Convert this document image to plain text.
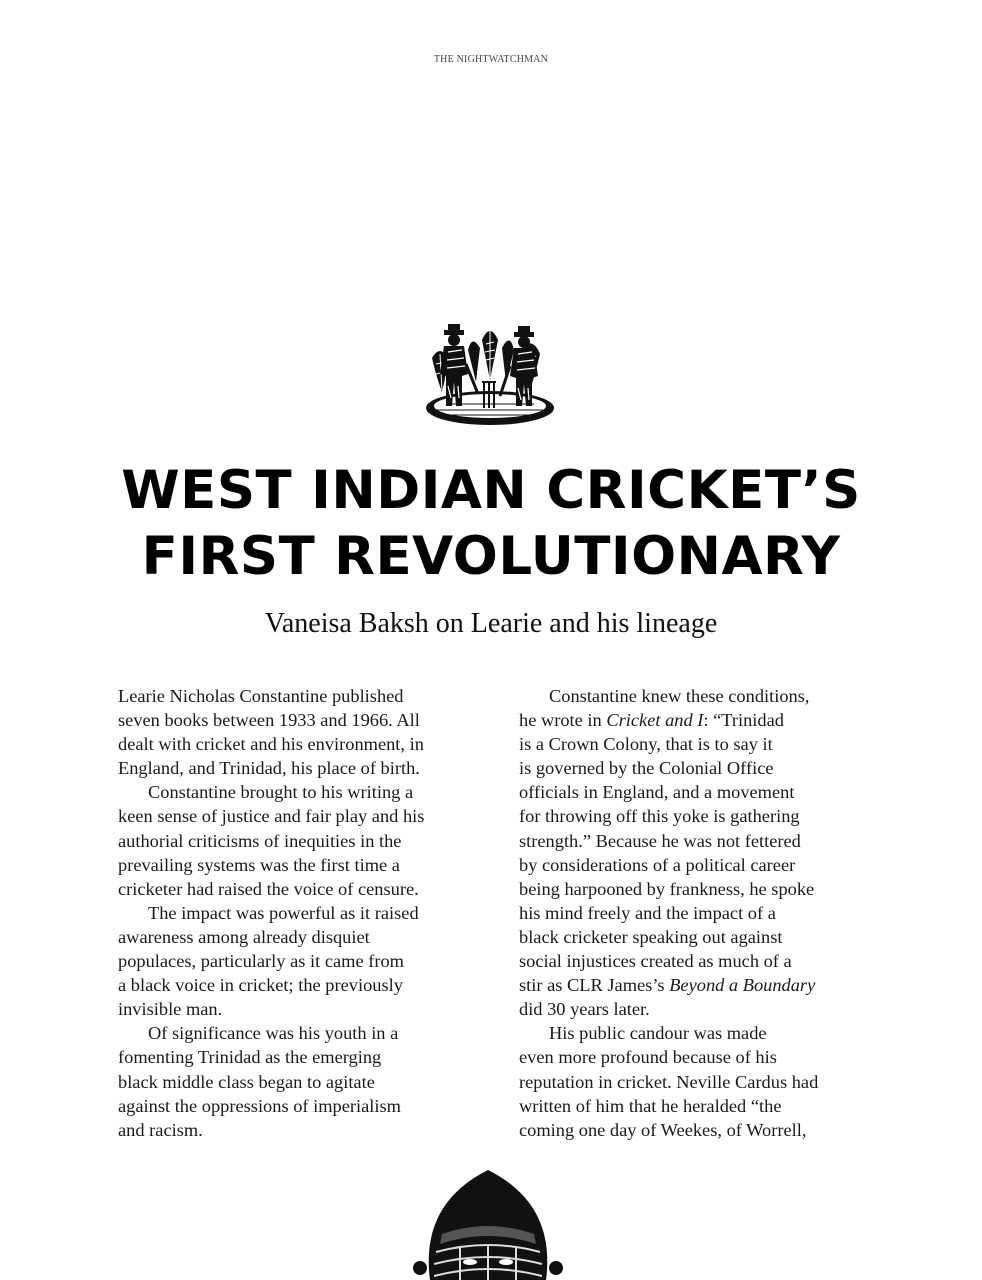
THE NIGHTWATCHMAN
WEST INDIAN CRICKET’S
FIRST REVOLUTIONARY
Vaneisa Baksh on Learie and his lineage

Learie Nicholas Constantine published
seven books between 1933 and 1966. All
dealt with cricket and his environment, in
England, and Trinidad, his place of birth.

Constantine brought to his writing a
keen sense of justice and fair play and his
authorial criticisms of inequities in the
prevailing systems was the first time a
cricketer had raised the voice of censure.

The impact was powerful as it raised
awareness among already disquiet
populaces, particularly as it came from
a black voice in cricket; the previously
invisible man.

Of significance was his youth in a
fomenting Trinidad as the emerging
black middle class began to agitate
against the oppressions of imperialism
and racism.

Constantine knew these conditions,
he wrote in Cricket and I: “Trinidad
is a Crown Colony, that is to say it
is governed by the Colonial Office
officials in England, and a movement
for throwing off this yoke is gathering
strength.” Because he was not fettered
by considerations of a political career
being harpooned by frankness, he spoke
his mind freely and the impact of a
black cricketer speaking out against
social injustices created as much of a
stir as CLR James’s Beyond a Boundary
did 30 years later.

His public candour was made
even more profound because of his
reputation in cricket. Neville Cardus had
written of him that he heralded “the
coming one day of Weekes, of Worrell,
